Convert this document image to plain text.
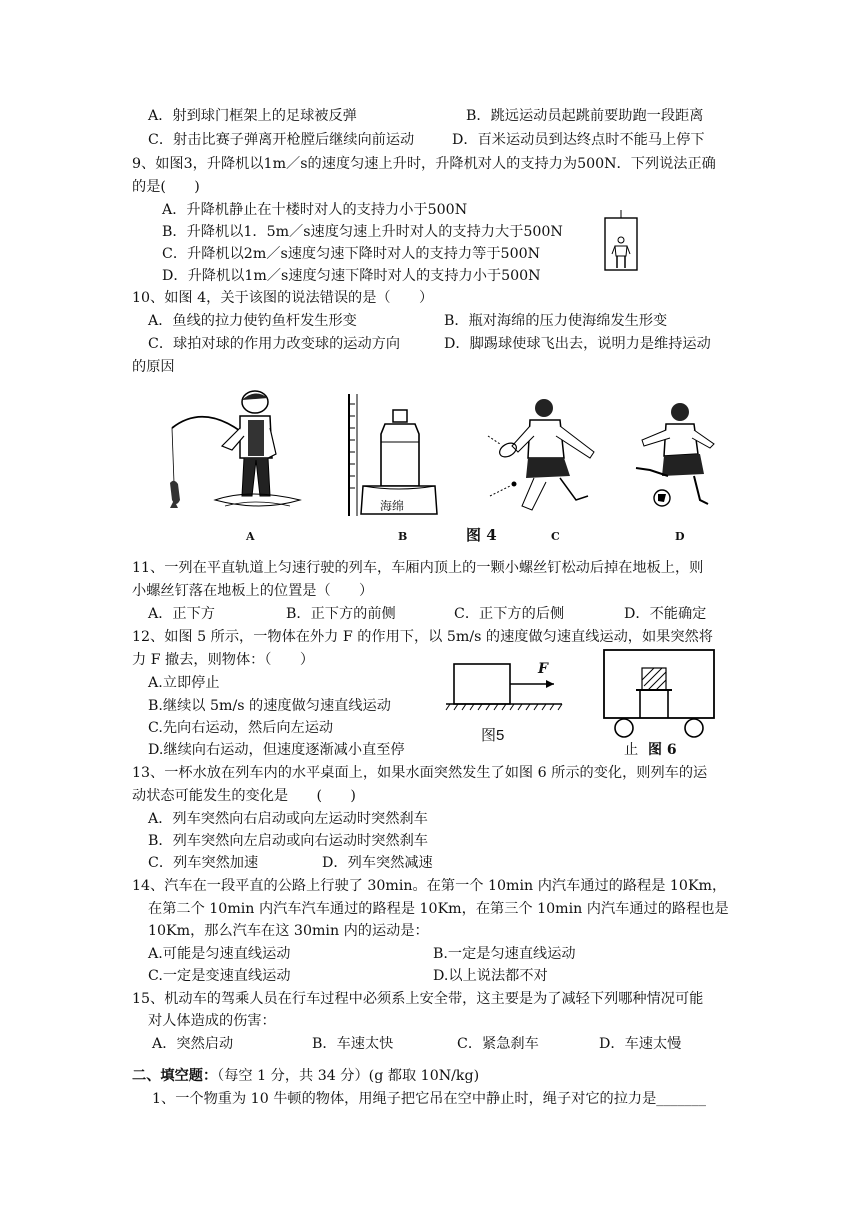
A．射到球门框架上的足球被反弹	B．跳远运动员起跳前要助跑一段距离
C．射击比赛子弹离开枪膛后继续向前运动	D．百米运动员到达终点时不能马上停下
9、如图3，升降机以1m／s的速度匀速上升时，升降机对人的支持力为500N．下列说法正确
的是(　　)
A．升降机静止在十楼时对人的支持力小于500N
B．升降机以1．5m／s速度匀速上升时对人的支持力大于500N
C．升降机以2m／s速度匀速下降时对人的支持力等于500N
D．升降机以1m／s速度匀速下降时对人的支持力小于500N
10、如图 4，关于该图的说法错误的是（　　）
A．鱼线的拉力使钓鱼杆发生形变	B．瓶对海绵的压力使海绵发生形变
C．球拍对球的作用力改变球的运动方向	D．脚踢球使球飞出去，说明力是维持运动
的原因
A
海绵
B	图 4	C	D
11、一列在平直轨道上匀速行驶的列车，车厢内顶上的一颗小螺丝钉松动后掉在地板上，则
小螺丝钉落在地板上的位置是（　　）
A．正下方	B．正下方的前侧	C．正下方的后侧	D．不能确定
12、如图 5 所示，一物体在外力 F 的作用下，以 5m/s 的速度做匀速直线运动，如果突然将
力 F 撤去，则物体：（　　）
A.立即停止
B.继续以 5m/s 的速度做匀速直线运动
C.先向右运动，然后向左运动
D.继续向右运动，但速度逐渐减小直至停	止
F
图5
图 6
13、一杯水放在列车内的水平桌面上，如果水面突然发生了如图 6 所示的变化，则列车的运
动状态可能发生的变化是　　(　　)
A．列车突然向右启动或向左运动时突然刹车
B．列车突然向左启动或向右运动时突然刹车
C．列车突然加速	D．列车突然减速
14、汽车在一段平直的公路上行驶了 30min。在第一个 10min 内汽车通过的路程是 10Km，
在第二个 10min 内汽车汽车通过的路程是 10Km，在第三个 10min 内汽车通过的路程也是
10Km，那么汽车在这 30min 内的运动是：
A.可能是匀速直线运动	B.一定是匀速直线运动
C.一定是变速直线运动	D.以上说法都不对
15、机动车的驾乘人员在行车过程中必须系上安全带，这主要是为了减轻下列哪种情况可能
对人体造成的伤害：
A．突然启动	B．车速太快	C．紧急刹车	D．车速太慢
二、填空题：（每空 1 分，共 34 分）(g 都取 10N/kg)
1、一个物重为 10 牛顿的物体，用绳子把它吊在空中静止时，绳子对它的拉力是_______
